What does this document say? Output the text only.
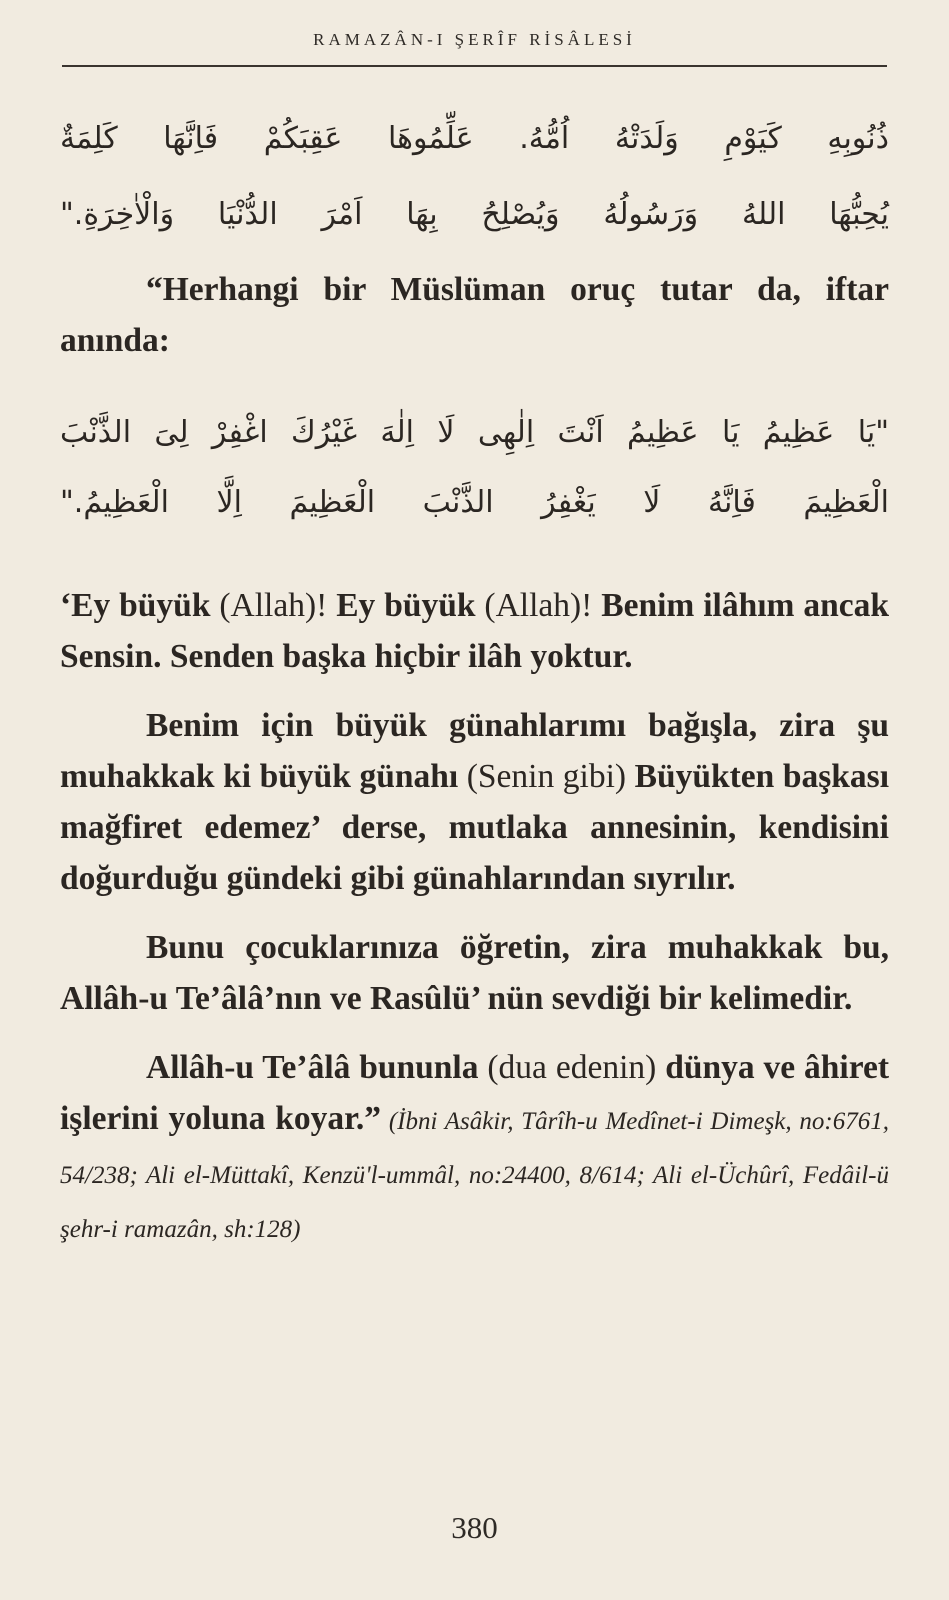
RAMAZÂN-I ŞERÎF RİSÂLESİ
ذُنُوبِهِ كَيَوْمِ وَلَدَتْهُ اُمُّهُ. عَلِّمُوهَا عَقِبَكُمْ فَاِنَّهَا كَلِمَةٌ
يُحِبُّهَا اللهُ وَرَسُولُهُ وَيُصْلِحُ بِهَا اَمْرَ الدُّنْيَا وَالْاٰخِرَةِ."

“Herhangi bir Müslüman oruç tutar da, iftar anında:

"يَا عَظِيمُ يَا عَظِيمُ اَنْتَ اِلٰهِى لَا اِلٰهَ غَيْرُكَ اغْفِرْ لِىَ الذَّنْبَ
الْعَظِيمَ فَاِنَّهُ لَا يَغْفِرُ الذَّنْبَ الْعَظِيمَ اِلَّا الْعَظِيمُ."

‘Ey büyük (Allah)! Ey büyük (Allah)! Benim ilâhım ancak Sensin. Senden başka hiçbir ilâh yoktur.

Benim için büyük günahlarımı bağışla, zira şu muhakkak ki büyük günahı (Senin gibi) Büyükten başkası mağfiret edemez’ derse, mutlaka annesinin, kendisini doğurduğu gündeki gibi günahlarından sıyrılır.

Bunu çocuklarınıza öğretin, zira muhakkak bu, Allâh-u Te’âlâ’nın ve Rasûlü’ nün sevdiği bir kelimedir.

Allâh-u Te’âlâ bununla (dua edenin) dünya ve âhiret işlerini yoluna koyar.” (İbni Asâkir, Târîh-u Medînet-i Dimeşk, no:6761, 54/238; Ali el-Müttakî, Kenzü'l-ummâl, no:24400, 8/614; Ali el-Üchûrî, Fedâil-ü şehr-i ramazân, sh:128)

380
